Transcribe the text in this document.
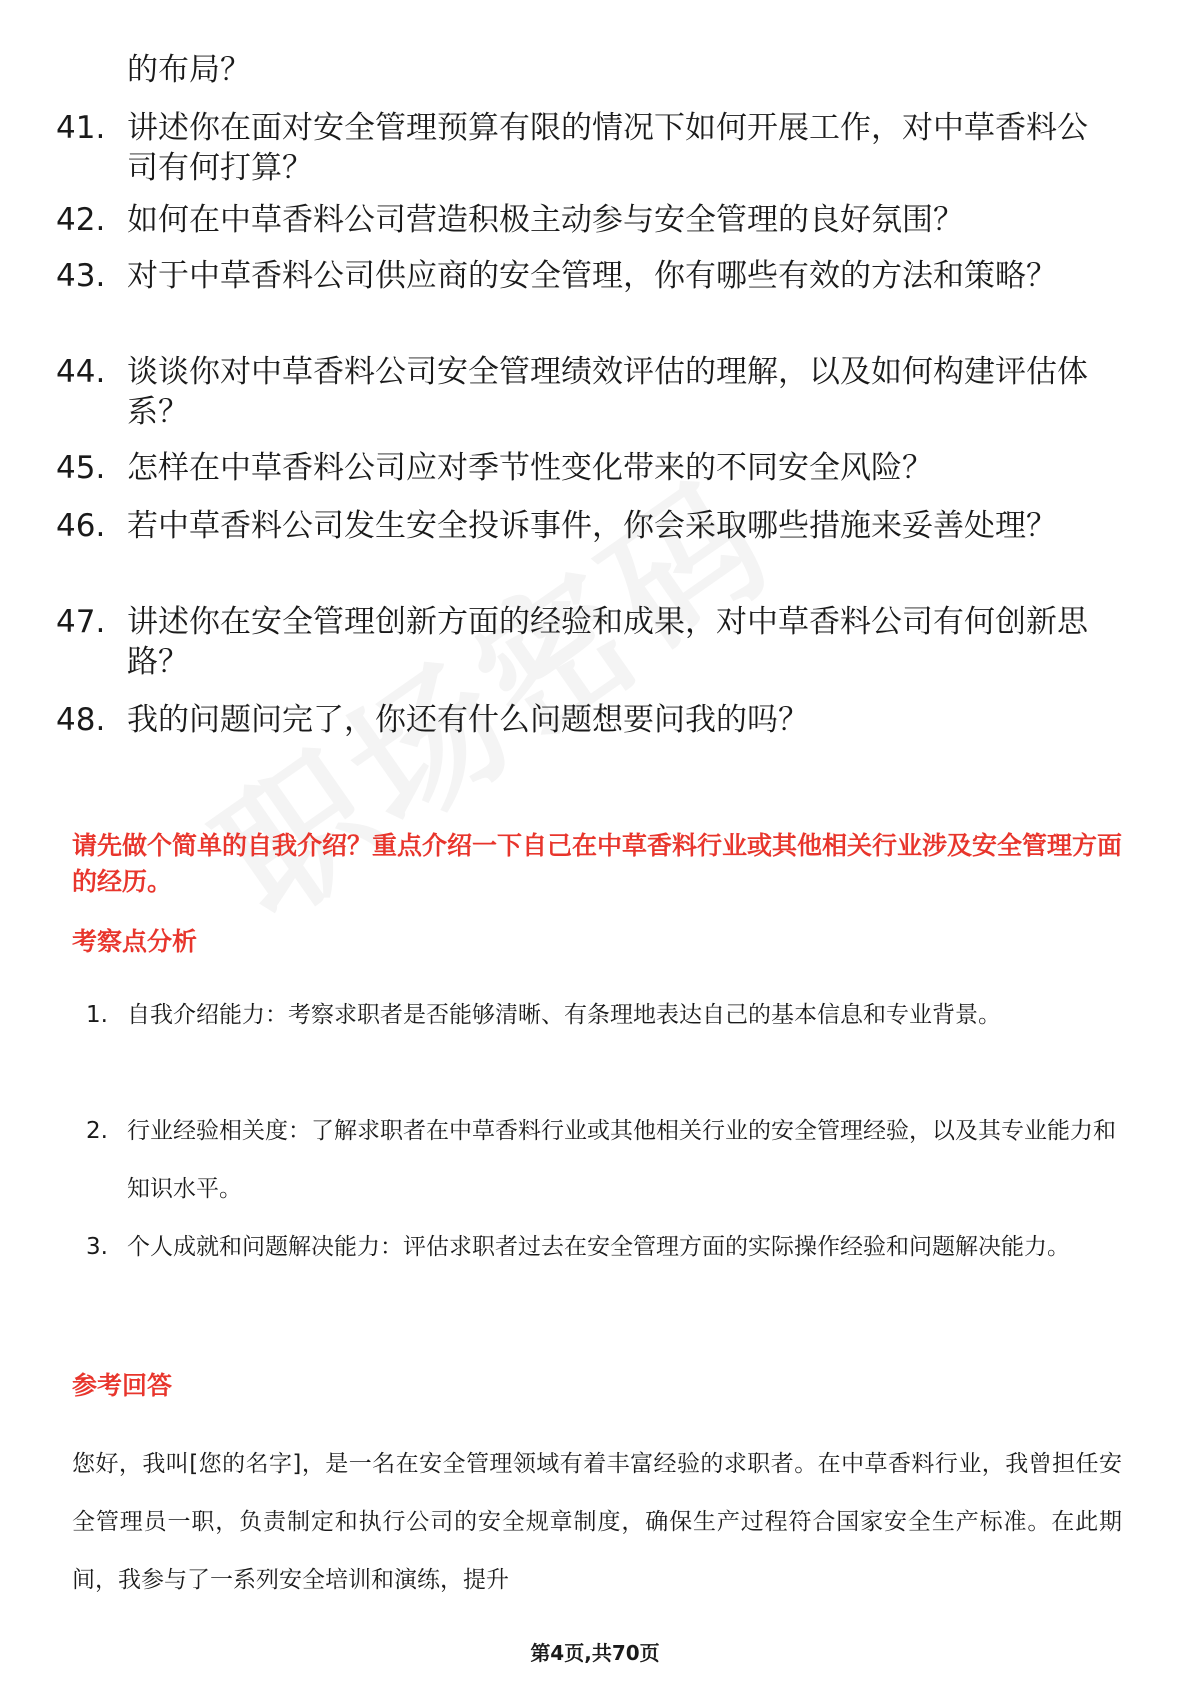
的布局？
41. 讲述你在面对安全管理预算有限的情况下如何开展工作，对中草香料公司有何打算？
42. 如何在中草香料公司营造积极主动参与安全管理的良好氛围？
43. 对于中草香料公司供应商的安全管理，你有哪些有效的方法和策略？
44. 谈谈你对中草香料公司安全管理绩效评估的理解，以及如何构建评估体系？
45. 怎样在中草香料公司应对季节性变化带来的不同安全风险？
46. 若中草香料公司发生安全投诉事件，你会采取哪些措施来妥善处理？
47. 讲述你在安全管理创新方面的经验和成果，对中草香料公司有何创新思路？
48. 我的问题问完了，你还有什么问题想要问我的吗？
请先做个简单的自我介绍？重点介绍一下自己在中草香料行业或其他相关行业涉及安全管理方面的经历。
考察点分析
1. 自我介绍能力：考察求职者是否能够清晰、有条理地表达自己的基本信息和专业背景。
2. 行业经验相关度：了解求职者在中草香料行业或其他相关行业的安全管理经验，以及其专业能力和知识水平。
3. 个人成就和问题解决能力：评估求职者过去在安全管理方面的实际操作经验和问题解决能力。
参考回答
您好，我叫[您的名字]，是一名在安全管理领域有着丰富经验的求职者。在中草香料行业，我曾担任安全管理员一职，负责制定和执行公司的安全规章制度，确保生产过程符合国家安全生产标准。在此期间，我参与了一系列安全培训和演练，提升
第4页,共70页
